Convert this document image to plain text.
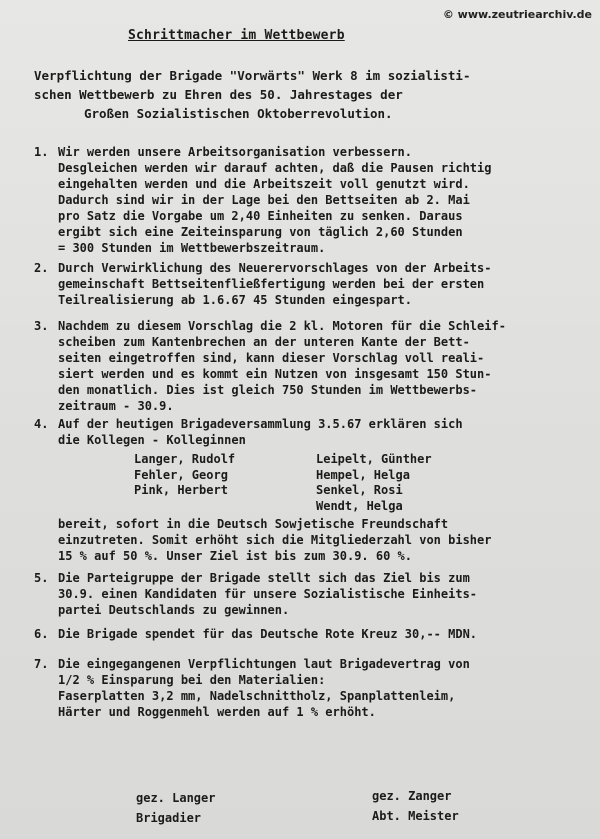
© www.zeutriearchiv.de
Schrittmacher im Wettbewerb
Verpflichtung der Brigade "Vorwärts" Werk 8 im sozialisti-
schen Wettbewerb zu Ehren des 50. Jahrestages der
Großen Sozialistischen Oktoberrevolution.
1. Wir werden unsere Arbeitsorganisation verbessern.
Desgleichen werden wir darauf achten, daß die Pausen richtig
eingehalten werden und die Arbeitszeit voll genutzt wird.
Dadurch sind wir in der Lage bei den Bettseiten ab 2. Mai
pro Satz die Vorgabe um 2,40 Einheiten zu senken. Daraus
ergibt sich eine Zeiteinsparung von täglich 2,60 Stunden
= 300 Stunden im Wettbewerbszeitraum.
2. Durch Verwirklichung des Neuerervorschlages von der Arbeits-
gemeinschaft Bettseitenfließfertigung werden bei der ersten
Teilrealisierung ab 1.6.67 45 Stunden eingespart.
3. Nachdem zu diesem Vorschlag die 2 kl. Motoren für die Schleif-
scheiben zum Kantenbrechen an der unteren Kante der Bett-
seiten eingetroffen sind, kann dieser Vorschlag voll reali-
siert werden und es kommt ein Nutzen von insgesamt 150 Stun-
den monatlich. Dies ist gleich 750 Stunden im Wettbewerbs-
zeitraum - 30.9.
4. Auf der heutigen Brigadeversammlung 3.5.67 erklären sich
die Kollegen - Kolleginnen
Langer, Rudolf
Fehler, Georg
Pink, Herbert
Leipelt, Günther
Hempel, Helga
Senkel, Rosi
Wendt, Helga
bereit, sofort in die Deutsch Sowjetische Freundschaft
einzutreten. Somit erhöht sich die Mitgliederzahl von bisher
15 % auf 50 %. Unser Ziel ist bis zum 30.9. 60 %.
5. Die Parteigruppe der Brigade stellt sich das Ziel bis zum
30.9. einen Kandidaten für unsere Sozialistische Einheits-
partei Deutschlands zu gewinnen.
6. Die Brigade spendet für das Deutsche Rote Kreuz 30,-- MDN.
7. Die eingegangenen Verpflichtungen laut Brigadevertrag von
1/2 % Einsparung bei den Materialien:
Faserplatten 3,2 mm, Nadelschnittholz, Spanplattenleim,
Härter und Roggenmehl werden auf 1 % erhöht.
gez. Langer
Brigadier
gez. Zanger
Abt. Meister
